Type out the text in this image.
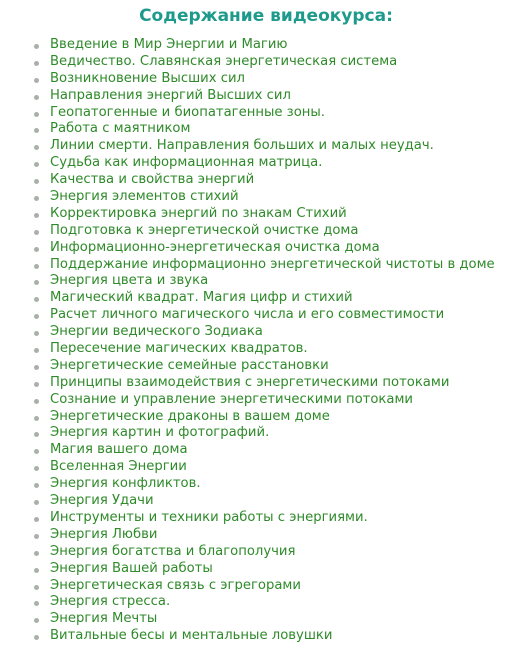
Содержание видеокурса:
Введение в Мир Энергии и Магию
Ведичество. Славянская энергетическая система
Возникновение Высших сил
Направления энергий Высших сил
Геопатогенные и биопатагенные зоны.
Работа с маятником
Линии смерти. Направления больших и малых неудач.
Судьба как информационная матрица.
Качества и свойства энергий
Энергия элементов стихий
Корректировка энергий по знакам Стихий
Подготовка к энергетической очистке дома
Информационно-энергетическая очистка дома
Поддержание информационно энергетической чистоты в доме
Энергия цвета и звука
Магический квадрат. Магия цифр и стихий
Расчет личного магического числа и его совместимости
Энергии ведического Зодиака
Пересечение магических квадратов.
Энергетические семейные расстановки
Принципы взаимодействия с энергетическими потоками
Сознание и управление энергетическими потоками
Энергетические драконы в вашем доме
Энергия картин и фотографий.
Магия вашего дома
Вселенная Энергии
Энергия конфликтов.
Энергия Удачи
Инструменты и техники работы с энергиями.
Энергия Любви
Энергия богатства и благополучия
Энергия Вашей работы
Энергетическая связь с эгрегорами
Энергия стресса.
Энергия Мечты
Витальные бесы и ментальные ловушки
